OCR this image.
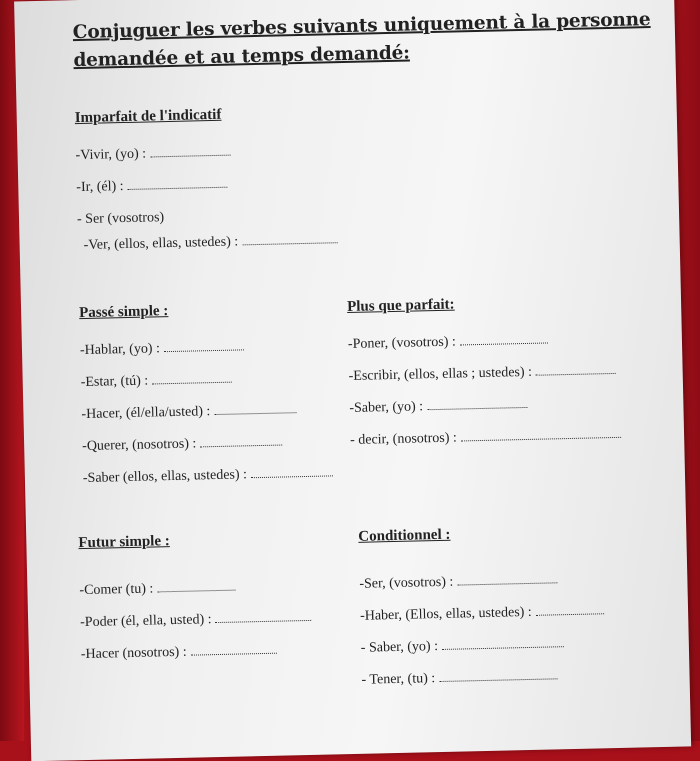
Conjuguer les verbes suivants uniquement à la personne
demandée et au temps demandé:
Imparfait de l'indicatif
-Vivir, (yo) :
-Ir, (él) :
- Ser (vosotros)
-Ver, (ellos, ellas, ustedes) :
Passé simple :
-Hablar, (yo) :
-Estar, (tú) :
-Hacer, (él/ella/usted) :
-Querer, (nosotros) :
-Saber (ellos, ellas, ustedes) :
Plus que parfait:
-Poner, (vosotros) :
-Escribir, (ellos, ellas ; ustedes) :
-Saber, (yo) :
- decir, (nosotros) :
Futur simple :
-Comer (tu) :
-Poder (él, ella, usted) :
-Hacer (nosotros) :
Conditionnel :
-Ser, (vosotros) :
-Haber, (Ellos, ellas, ustedes) :
- Saber, (yo) :
- Tener, (tu) :
